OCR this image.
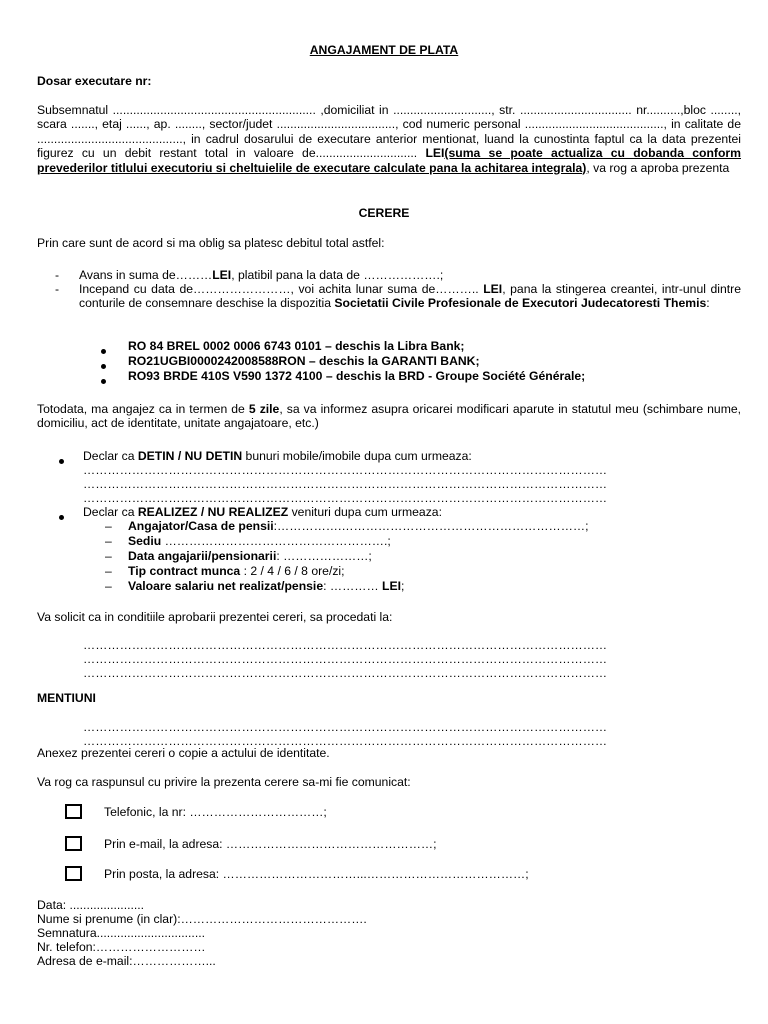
ANGAJAMENT DE PLATA
Dosar executare nr:
Subsemnatul ............................................................ ,domiciliat in ............................., str. ................................. nr..........,bloc ........, scara ......., etaj ......, ap. ........, sector/judet ..................................., cod numeric personal ........................................., in calitate de ..........................................., in cadrul dosarului de executare anterior mentionat, luand la cunostinta faptul ca la data prezentei figurez cu un debit restant total in valoare de.............................. LEI(suma se poate actualiza cu dobanda conform prevederilor titlului executoriu si cheltuielile de executare calculate pana la achitarea integrala), va rog a aproba prezenta
CERERE
Prin care sunt de acord si ma oblig sa platesc debitul total astfel:
- Avans in suma de………LEI, platibil pana la data de ……………….;
- Incepand cu data de……………………, voi achita lunar suma de……….. LEI, pana la stingerea creantei, intr-unul dintre conturile de consemnare deschise la dispozitia Societatii Civile Profesionale de Executori Judecatoresti Themis:
RO 84 BREL 0002 0006 6743 0101 – deschis la Libra Bank;
RO21UGBI0000242008588RON – deschis la GARANTI BANK;
RO93 BRDE 410S V590 1372 4100 – deschis la BRD - Groupe Société Générale;
Totodata, ma angajez ca in termen de 5 zile, sa va informez asupra oricarei modificari aparute in statutul meu (schimbare nume, domiciliu, act de identitate, unitate angajatoare, etc.)
Declar ca DETIN / NU DETIN bunuri mobile/imobile dupa cum urmeaza:
…………………………………………………………………………………………………………………
…………………………………………………………………………………………………………………
…………………………………………………………………………………………………………………
Declar ca REALIZEZ / NU REALIZEZ venituri dupa cum urmeaza:
– Angajator/Casa de pensii:…………….……………………………………………………;
– Sediu ……………………………………………….;
– Data angajarii/pensionarii: …………………;
– Tip contract munca : 2 / 4 / 6 / 8 ore/zi;
– Valoare salariu net realizat/pensie: ………… LEI;
Va solicit ca in conditiile aprobarii prezentei cereri, sa procedati la:
…………………………………………………………………………………………………………………
…………………………………………………………………………………………………………………
…………………………………………………………………………………………………………………
MENTIUNI
…………………………………………………………………………………………………………………
…………………………………………………………………………………………………………………
Anexez prezentei cereri o copie a actului de identitate.
Va rog ca raspunsul cu privire la prezenta cerere sa-mi fie comunicat:
Telefonic, la nr: ……………………………;
Prin e-mail, la adresa: ……………………………………………;
Prin posta, la adresa: ……………………………...…………………………………;
Data: ......................
Nume si prenume (in clar):……………………………………….
Semnatura................................
Nr. telefon:………………………
Adresa de e-mail:………………...
